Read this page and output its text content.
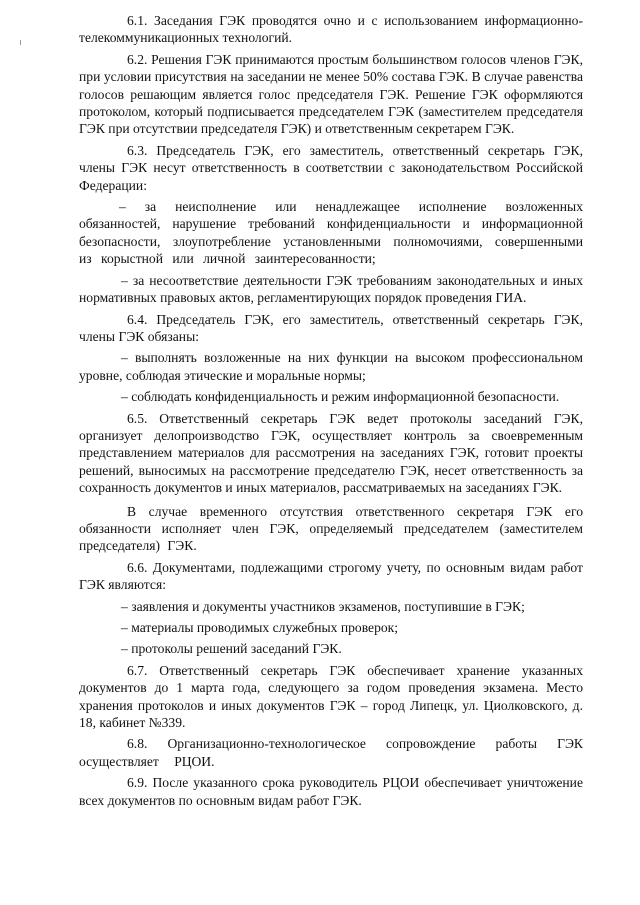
6.1. Заседания ГЭК проводятся очно и с использованием информационно-телекоммуникационных технологий.

6.2. Решения ГЭК принимаются простым большинством голосов членов ГЭК, при условии присутствия на заседании не менее 50% состава ГЭК. В случае равенства голосов решающим является голос председателя ГЭК. Решение ГЭК оформляются протоколом, который подписывается председателем ГЭК (заместителем председателя ГЭК при отсутствии председателя ГЭК) и ответственным секретарем ГЭК.

6.3. Председатель ГЭК, его заместитель, ответственный секретарь ГЭК, члены ГЭК несут ответственность в соответствии с законодательством Российской Федерации:

– за неисполнение или ненадлежащее исполнение возложенных обязанностей, нарушение требований конфиденциальности и информационной безопасности, злоупотребление установленными полномочиями, совершенными из корыстной или личной заинтересованности;

– за несоответствие деятельности ГЭК требованиям законодательных и иных нормативных правовых актов, регламентирующих порядок проведения ГИА.

6.4. Председатель ГЭК, его заместитель, ответственный секретарь ГЭК, члены ГЭК обязаны:

– выполнять возложенные на них функции на высоком профессиональном уровне, соблюдая этические и моральные нормы;

– соблюдать конфиденциальность и режим информационной безопасности.

6.5. Ответственный секретарь ГЭК ведет протоколы заседаний ГЭК, организует делопроизводство ГЭК, осуществляет контроль за своевременным представлением материалов для рассмотрения на заседаниях ГЭК, готовит проекты решений, выносимых на рассмотрение председателю ГЭК, несет ответственность за сохранность документов и иных материалов, рассматриваемых на заседаниях ГЭК.

В случае временного отсутствия ответственного секретаря ГЭК его обязанности исполняет член ГЭК, определяемый председателем (заместителем председателя) ГЭК.

6.6. Документами, подлежащими строгому учету, по основным видам работ ГЭК являются:

– заявления и документы участников экзаменов, поступившие в ГЭК;

– материалы проводимых служебных проверок;

– протоколы решений заседаний ГЭК.

6.7. Ответственный секретарь ГЭК обеспечивает хранение указанных документов до 1 марта года, следующего за годом проведения экзамена. Место хранения протоколов и иных документов ГЭК – город Липецк, ул. Циолковского, д. 18, кабинет №339.

6.8. Организационно-технологическое сопровождение работы ГЭК осуществляет РЦОИ.

6.9. После указанного срока руководитель РЦОИ обеспечивает уничтожение всех документов по основным видам работ ГЭК.
